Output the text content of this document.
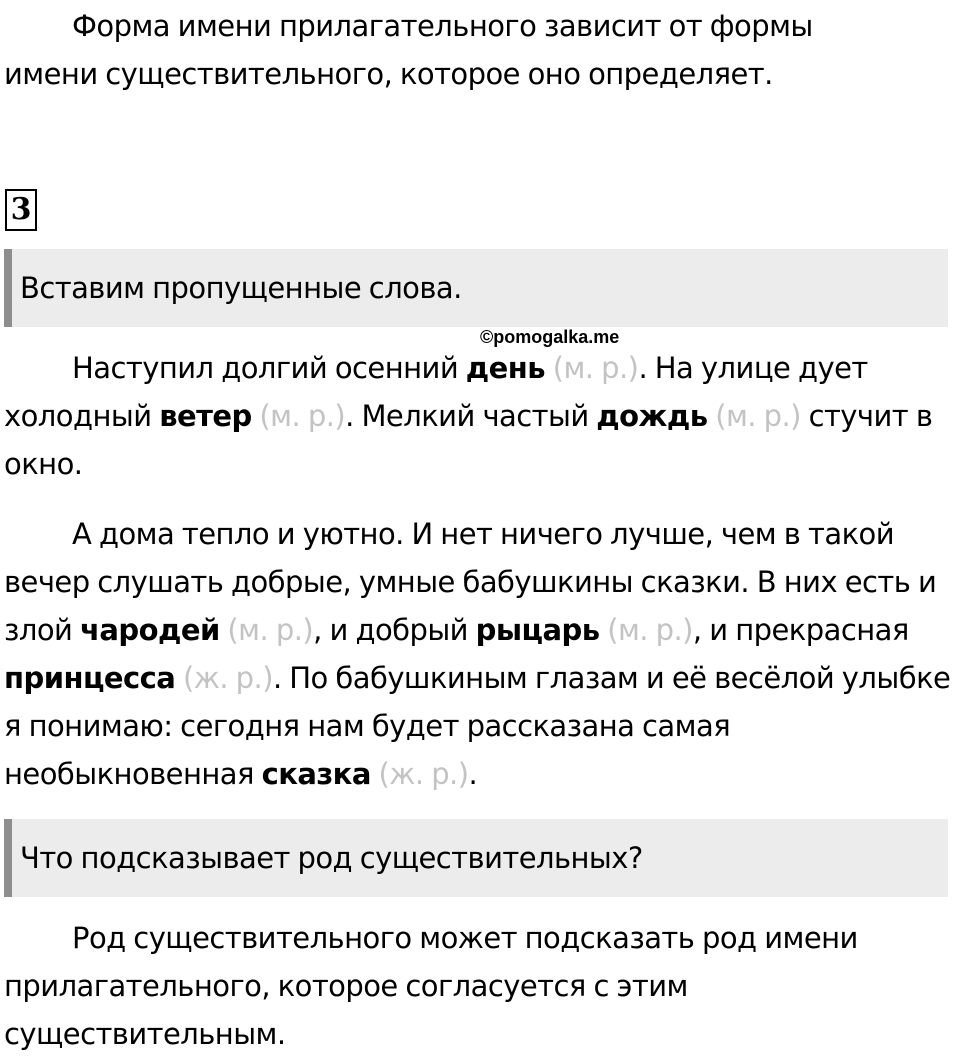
Форма имени прилагательного зависит от формы
имени существительного, которое оно определяет.

3
Вставим пропущенные слова.
©pomogalka.me

Наступил долгий осенний день (м. р.). На улице дует холодный ветер (м. р.). Мелкий частый дождь (м. р.) стучит в окно.

А дома тепло и уютно. И нет ничего лучше, чем в такой вечер слушать добрые, умные бабушкины сказки. В них есть и злой чародей (м. р.), и добрый рыцарь (м. р.), и прекрасная принцесса (ж. р.). По бабушкиным глазам и её весёлой улыбке я понимаю: сегодня нам будет рассказана самая необыкновенная сказка (ж. р.).

Что подсказывает род существительных?

Род существительного может подсказать род имени
прилагательного, которое согласуется с этим
существительным.
